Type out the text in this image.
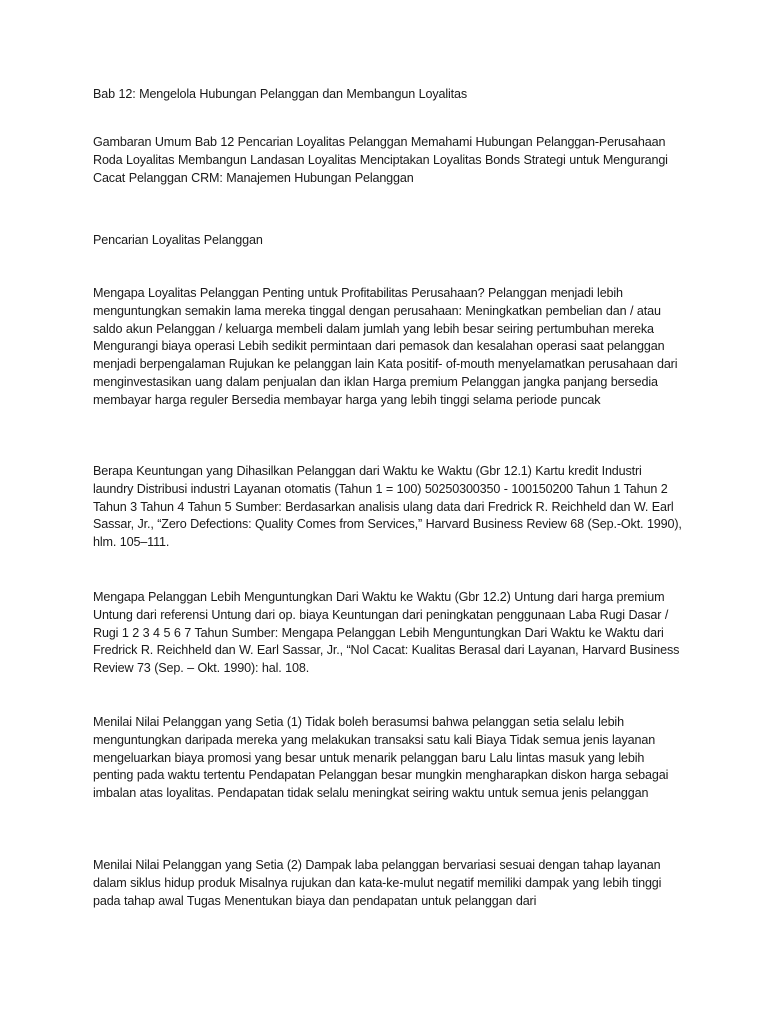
Bab 12: Mengelola Hubungan Pelanggan dan Membangun Loyalitas

Gambaran Umum Bab 12 Pencarian Loyalitas Pelanggan Memahami Hubungan Pelanggan-Perusahaan Roda Loyalitas Membangun Landasan Loyalitas Menciptakan Loyalitas Bonds Strategi untuk Mengurangi Cacat Pelanggan CRM: Manajemen Hubungan Pelanggan

Pencarian Loyalitas Pelanggan

Mengapa Loyalitas Pelanggan Penting untuk Profitabilitas Perusahaan? Pelanggan menjadi lebih menguntungkan semakin lama mereka tinggal dengan perusahaan: Meningkatkan pembelian dan / atau saldo akun Pelanggan / keluarga membeli dalam jumlah yang lebih besar seiring pertumbuhan mereka Mengurangi biaya operasi Lebih sedikit permintaan dari pemasok dan kesalahan operasi saat pelanggan menjadi berpengalaman Rujukan ke pelanggan lain Kata positif- of-mouth menyelamatkan perusahaan dari menginvestasikan uang dalam penjualan dan iklan Harga premium Pelanggan jangka panjang bersedia membayar harga reguler Bersedia membayar harga yang lebih tinggi selama periode puncak

Berapa Keuntungan yang Dihasilkan Pelanggan dari Waktu ke Waktu (Gbr 12.1) Kartu kredit Industri laundry Distribusi industri Layanan otomatis (Tahun 1 = 100) 50250300350 - 100150200 Tahun 1 Tahun 2 Tahun 3 Tahun 4 Tahun 5 Sumber: Berdasarkan analisis ulang data dari Fredrick R. Reichheld dan W. Earl Sassar, Jr., “Zero Defections: Quality Comes from Services,” Harvard Business Review 68 (Sep.-Okt. 1990), hlm. 105–111.

Mengapa Pelanggan Lebih Menguntungkan Dari Waktu ke Waktu (Gbr 12.2) Untung dari harga premium Untung dari referensi Untung dari op. biaya Keuntungan dari peningkatan penggunaan Laba Rugi Dasar / Rugi 1 2 3 4 5 6 7 Tahun Sumber: Mengapa Pelanggan Lebih Menguntungkan Dari Waktu ke Waktu dari Fredrick R. Reichheld dan W. Earl Sassar, Jr., “Nol Cacat: Kualitas Berasal dari Layanan, Harvard Business Review 73 (Sep. – Okt. 1990): hal. 108.

Menilai Nilai Pelanggan yang Setia (1) Tidak boleh berasumsi bahwa pelanggan setia selalu lebih menguntungkan daripada mereka yang melakukan transaksi satu kali Biaya Tidak semua jenis layanan mengeluarkan biaya promosi yang besar untuk menarik pelanggan baru Lalu lintas masuk yang lebih penting pada waktu tertentu Pendapatan Pelanggan besar mungkin mengharapkan diskon harga sebagai imbalan atas loyalitas. Pendapatan tidak selalu meningkat seiring waktu untuk semua jenis pelanggan

Menilai Nilai Pelanggan yang Setia (2) Dampak laba pelanggan bervariasi sesuai dengan tahap layanan dalam siklus hidup produk Misalnya rujukan dan kata-ke-mulut negatif memiliki dampak yang lebih tinggi pada tahap awal Tugas Menentukan biaya dan pendapatan untuk pelanggan dari
